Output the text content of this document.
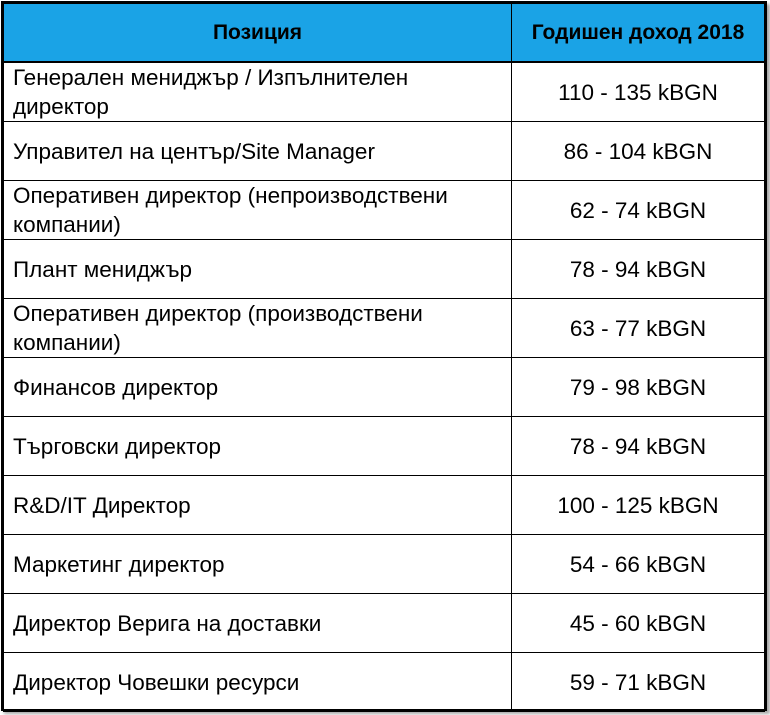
Позиция	Годишен доход 2018
Генерален мениджър / Изпълнителен директор	110 - 135 kBGN
Управител на център/Site Manager	86 - 104 kBGN
Оперативен директор (непроизводствени компании)	62 - 74 kBGN
Плант мениджър	78 - 94 kBGN
Оперативен директор (производствени компании)	63 - 77 kBGN
Финансов директор	79 - 98 kBGN
Търговски директор	78 - 94 kBGN
R&D/IT Директор	100 - 125 kBGN
Маркетинг директор	54 - 66 kBGN
Директор Верига на доставки	45 - 60 kBGN
Директор Човешки ресурси	59 - 71 kBGN
